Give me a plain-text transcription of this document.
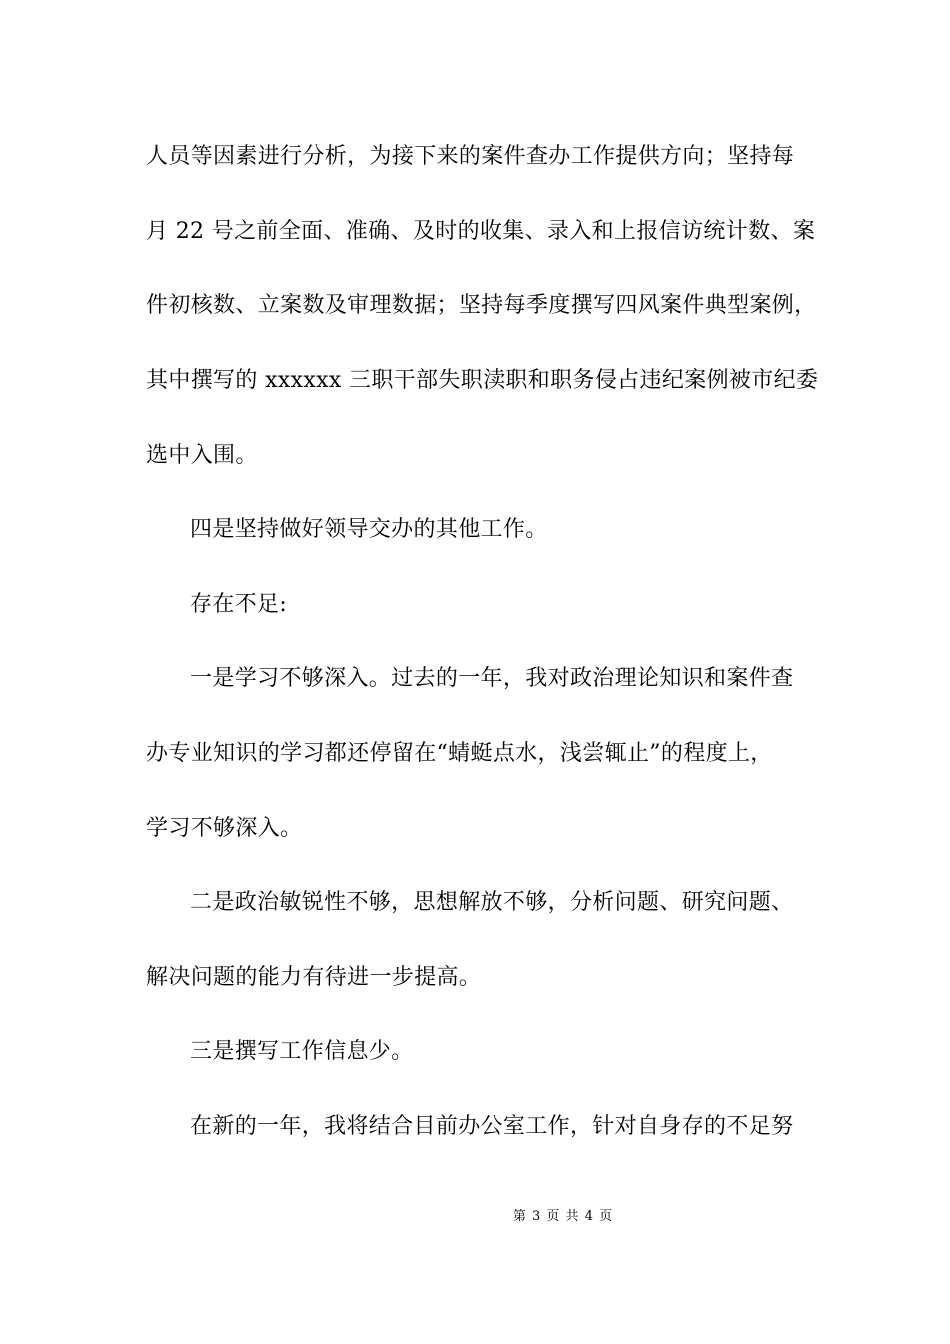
人员等因素进行分析，为接下来的案件查办工作提供方向；坚持每
月 22 号之前全面、准确、及时的收集、录入和上报信访统计数、案
件初核数、立案数及审理数据；坚持每季度撰写四风案件典型案例，
其中撰写的 xxxxxx 三职干部失职渎职和职务侵占违纪案例被市纪委
选中入围。
四是坚持做好领导交办的其他工作。
存在不足:
一是学习不够深入。过去的一年，我对政治理论知识和案件查
办专业知识的学习都还停留在“蜻蜓点水，浅尝辄止”的程度上，
学习不够深入。
二是政治敏锐性不够，思想解放不够，分析问题、研究问题、
解决问题的能力有待进一步提高。
三是撰写工作信息少。
在新的一年，我将结合目前办公室工作，针对自身存的不足努
第 3 页 共 4 页
